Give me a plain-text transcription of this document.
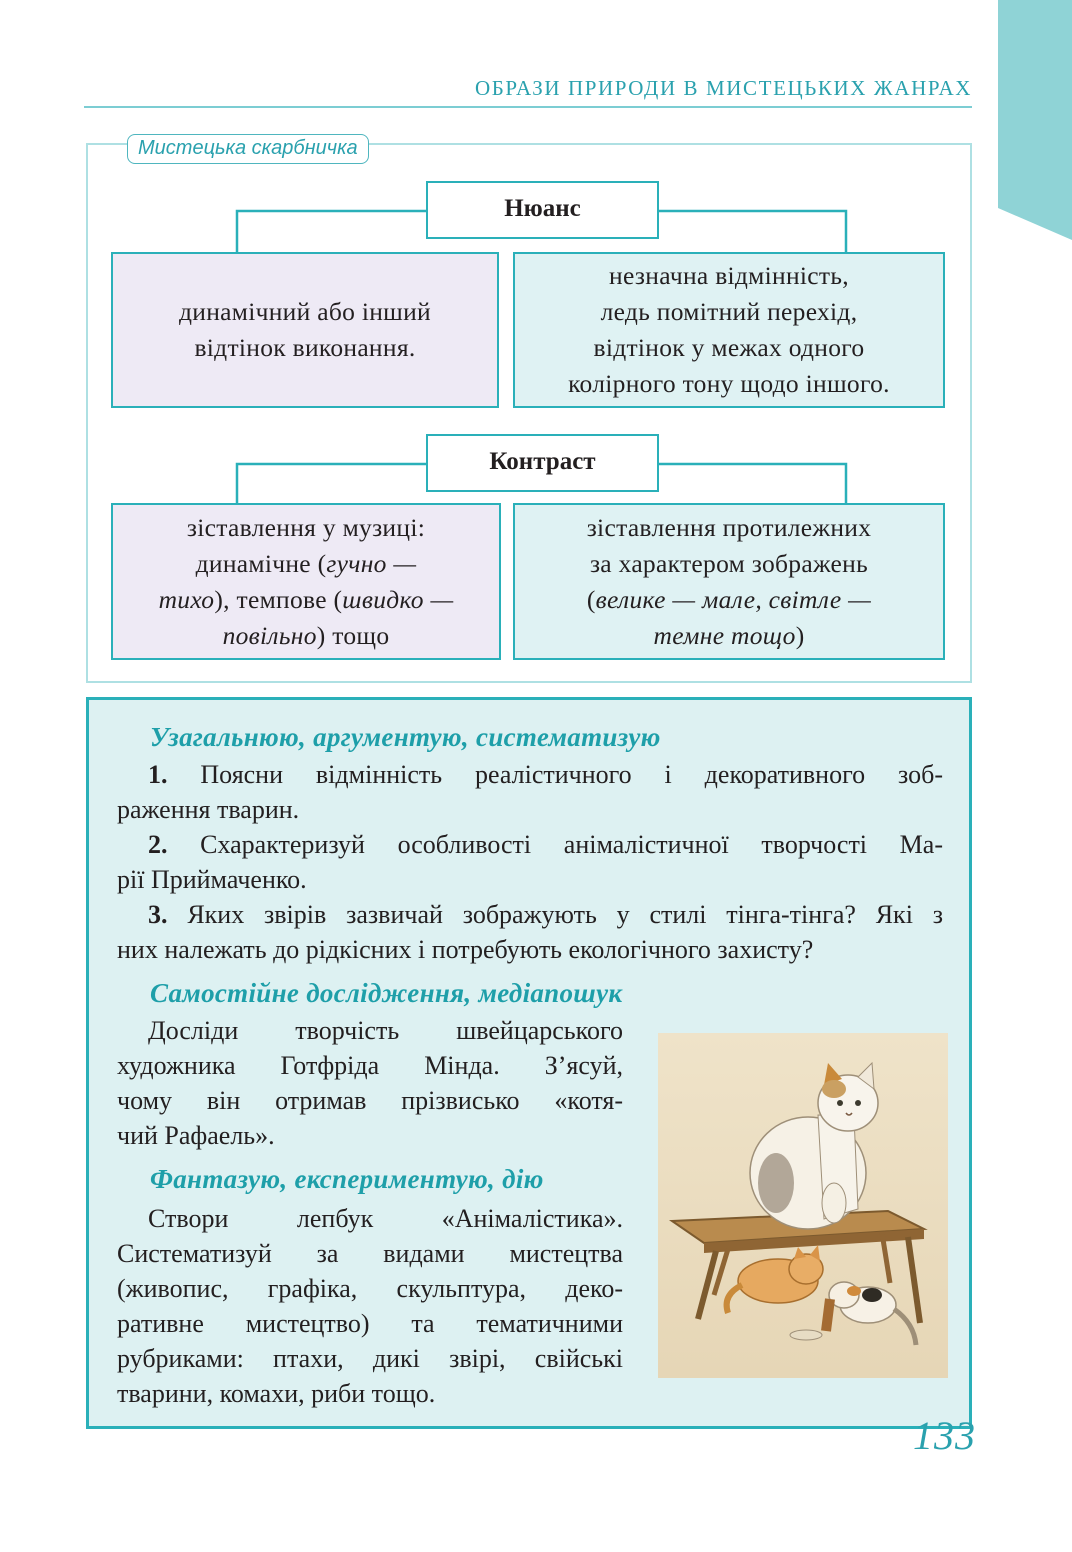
ОБРАЗИ ПРИРОДИ В МИСТЕЦЬКИХ ЖАНРАХ
Мистецька скарбничка
Нюанс
динамічний або інший
відтінок виконання.
незначна відмінність,
ледь помітний перехід,
відтінок у межах одного
колірного тону щодо іншого.
Контраст
зіставлення у музиці:
динамічне (гучно —
тихо), темпове (швидко —
повільно) тощо
зіставлення протилежних
за характером зображень
(велике — мале, світле —
темне тощо)
Узагальнюю, аргументую, систематизую
1. Поясни відмінність реалістичного і декоративного зоб-
раження тварин.
2. Схарактеризуй особливості анімалістичної творчості Ма-
рії Приймаченко.
3. Яких звірів зазвичай зображують у стилі тінга-тінга? Які з
них належать до рідкісних і потребують екологічного захисту?
Самостійне дослідження, медіапошук
Досліди творчість швейцарського
художника Готфріда Мінда. З’ясуй,
чому він отримав прізвисько «котя-
чий Рафаель».
Фантазую, експериментую, дію
Створи лепбук «Анімалістика».
Систематизуй за видами мистецтва
(живопис, графіка, скульптура, деко-
ративне мистецтво) та тематичними
рубриками: птахи, дикі звірі, свійські
тварини, комахи, риби тощо.
133
